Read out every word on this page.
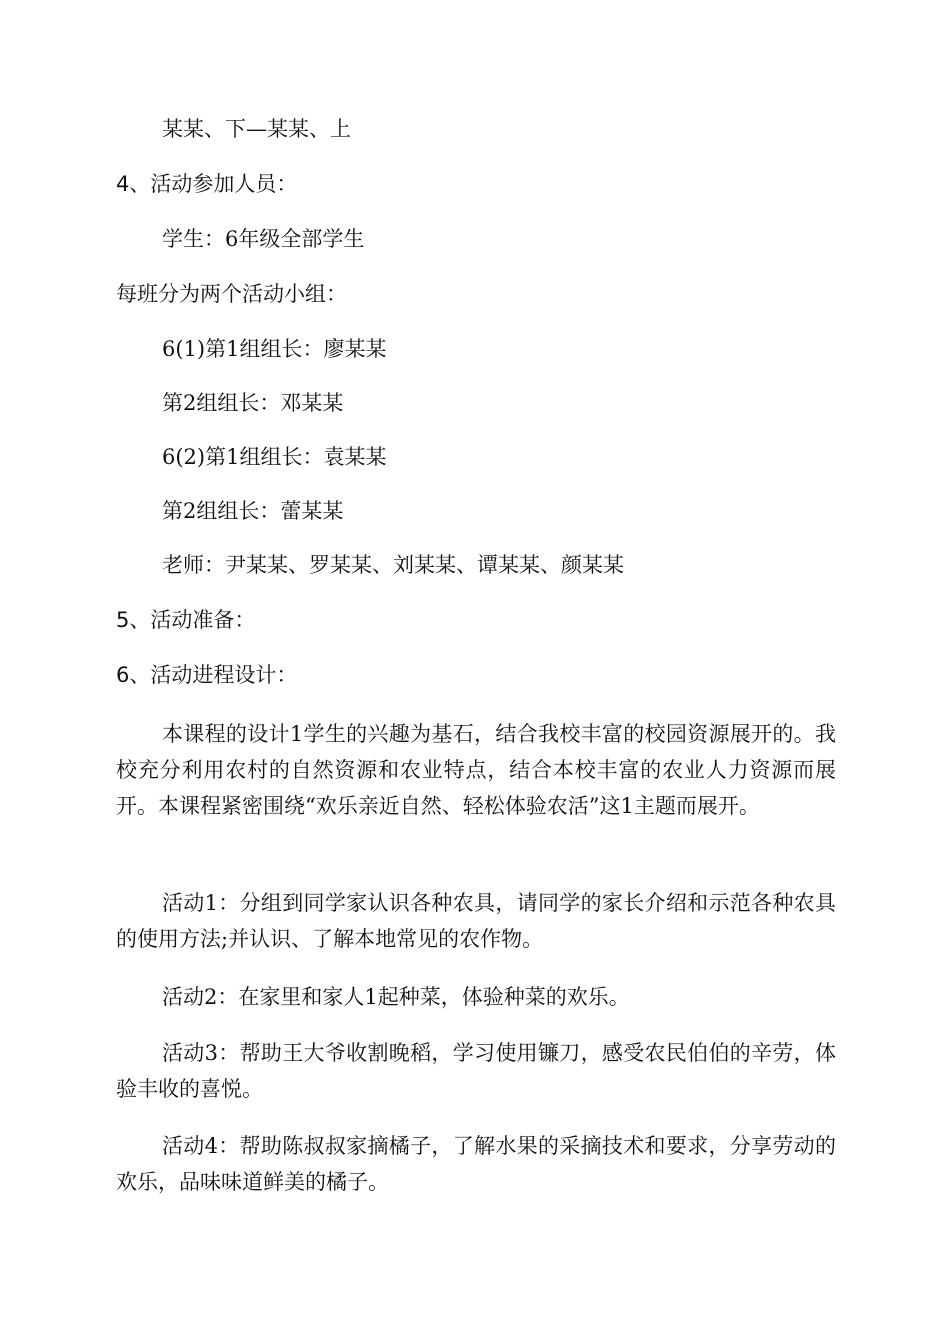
某某、下—某某、上
4、活动参加人员：
学生：6年级全部学生
每班分为两个活动小组：
6(1)第1组组长：廖某某
第2组组长：邓某某
6(2)第1组组长：袁某某
第2组组长：蕾某某
老师：尹某某、罗某某、刘某某、谭某某、颜某某
5、活动准备：
6、活动进程设计：
本课程的设计1学生的兴趣为基石，结合我校丰富的校园资源展开的。我校充分利用农村的自然资源和农业特点，结合本校丰富的农业人力资源而展开。本课程紧密围绕“欢乐亲近自然、轻松体验农活”这1主题而展开。
活动1：分组到同学家认识各种农具，请同学的家长介绍和示范各种农具的使用方法;并认识、了解本地常见的农作物。
活动2：在家里和家人1起种菜，体验种菜的欢乐。
活动3：帮助王大爷收割晚稻，学习使用镰刀，感受农民伯伯的辛劳，体验丰收的喜悦。
活动4：帮助陈叔叔家摘橘子，了解水果的采摘技术和要求，分享劳动的欢乐，品味味道鲜美的橘子。
